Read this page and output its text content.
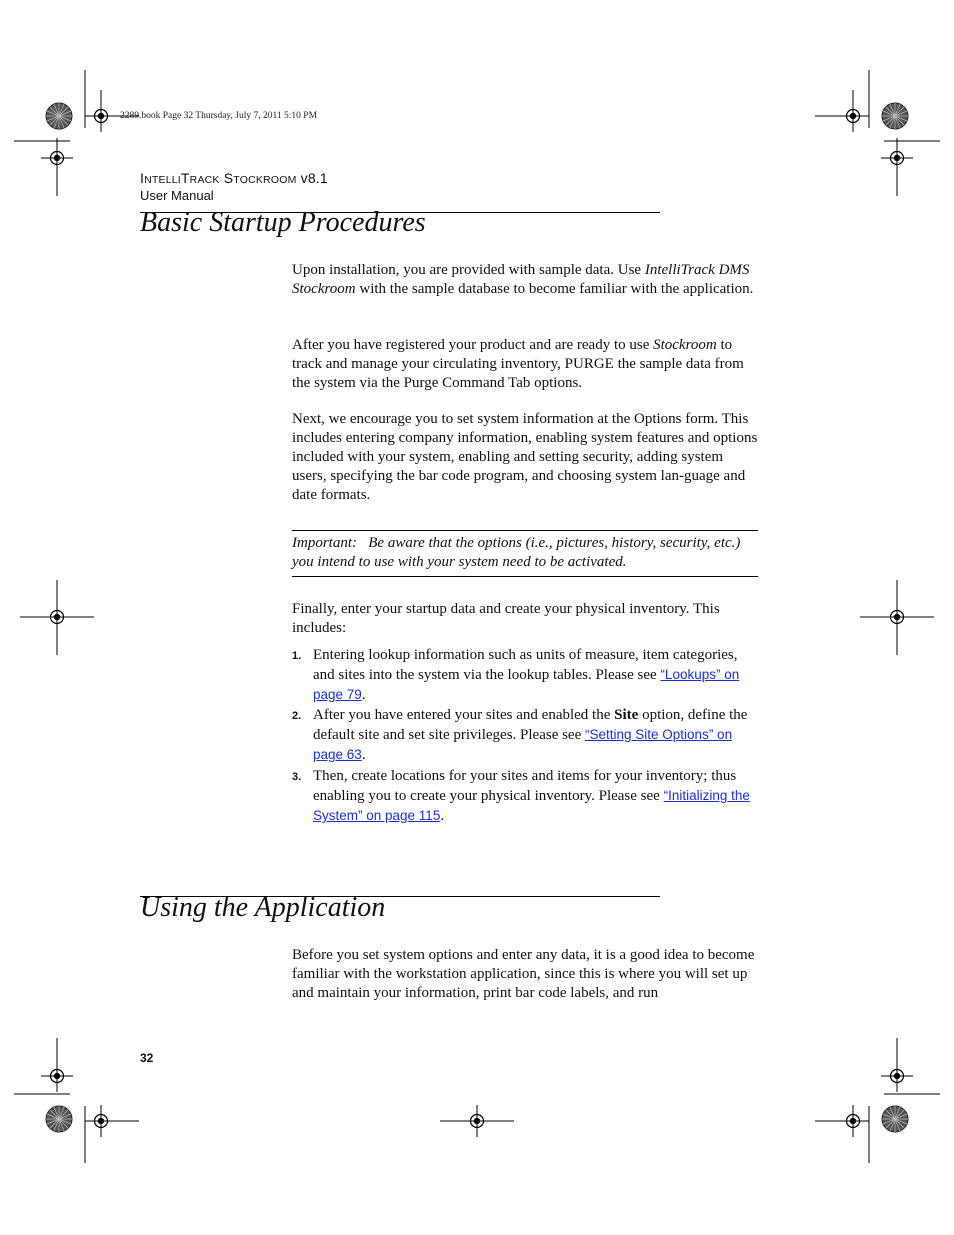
2289.book Page 32 Thursday, July 7, 2011 5:10 PM
INTELLITRACK STOCKROOM v8.1
User Manual
Basic Startup Procedures

Upon installation, you are provided with sample data. Use IntelliTrack DMS Stockroom with the sample database to become familiar with the application.

After you have registered your product and are ready to use Stockroom to track and manage your circulating inventory, PURGE the sample data from the system via the Purge Command Tab options.

Next, we encourage you to set system information at the Options form. This includes entering company information, enabling system features and options included with your system, enabling and setting security, adding system users, specifying the bar code program, and choosing system lan-guage and date formats.

Important: Be aware that the options (i.e., pictures, history, security, etc.) you intend to use with your system need to be activated.

Finally, enter your startup data and create your physical inventory. This includes:

1. Entering lookup information such as units of measure, item categories, and sites into the system via the lookup tables. Please see “Lookups” on page 79.
2. After you have entered your sites and enabled the Site option, define the default site and set site privileges. Please see “Setting Site Options” on page 63.
3. Then, create locations for your sites and items for your inventory; thus enabling you to create your physical inventory. Please see “Initializing the System” on page 115.
Using the Application

Before you set system options and enter any data, it is a good idea to become familiar with the workstation application, since this is where you will set up and maintain your information, print bar code labels, and run

32
